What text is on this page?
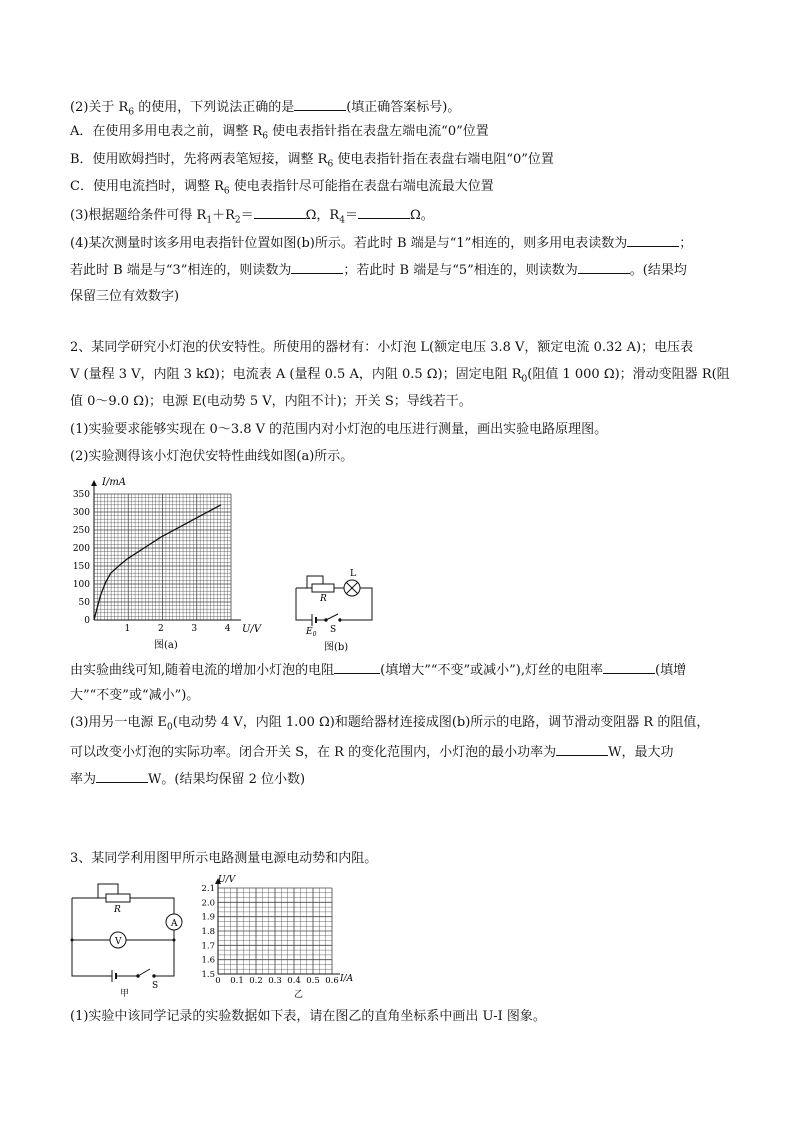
(2)关于 $R_6$ 的使用，下列说法正确的是	(填正确答案标号)。
A．在使用多用电表之前，调整 $R_6$ 使电表指针指在表盘左端电流“0”位置
B．使用欧姆挡时，先将两表笔短接，调整 $R_6$ 使电表指针指在表盘右端电阻“0”位置
C．使用电流挡时，调整 $R_6$ 使电表指针尽可能指在表盘右端电流最大位置
(3)根据题给条件可得 $R_1+R_2=$	Ω，$R_4=$	Ω。
(4)某次测量时该多用电表指针位置如图(b)所示。若此时 B 端是与“1”相连的，则多用电表读数为	；
若此时 B 端是与“3”相连的，则读数为	；若此时 B 端是与“5”相连的，则读数为	。(结果均
保留三位有效数字)
2、某同学研究小灯泡的伏安特性。所使用的器材有：小灯泡 L(额定电压 3.8 V，额定电流 0.32 A)；电压表
V (量程 3 V，内阻 3 kΩ)；电流表 A (量程 0.5 A，内阻 0.5 Ω)；固定电阻 $R_0$(阻值 1 000 Ω)；滑动变阻器 R(阻
值 0～9.0 Ω)；电源 E(电动势 5 V，内阻不计)；开关 S；导线若干。
(1)实验要求能够实现在 0～3.8 V 的范围内对小灯泡的电压进行测量，画出实验电路原理图。
(2)实验测得该小灯泡伏安特性曲线如图(a)所示。
0
50
100
150
200
250
300
350
1	2	3	4
I/mA
U/V
图(a)
R
L
$E_0$ S
图(b)
由实验曲线可知,随着电流的增加小灯泡的电阻	(填增大”“不变”或减小”),灯丝的电阻率	(填增
大”“不变”或“减小”)。
(3)用另一电源 $E_0$(电动势 4 V，内阻 1.00 Ω)和题给器材连接成图(b)所示的电路，调节滑动变阻器 R 的阻值，
可以改变小灯泡的实际功率。闭合开关 S，在 R 的变化范围内，小灯泡的最小功率为	W，最大功
率为	W。(结果均保留 2 位小数)
3、某同学利用图甲所示电路测量电源电动势和内阻。
R
A
V
S
甲
1.5
1.6
1.7
1.8
1.9
2.0
2.1
0 0.1 0.2 0.3 0.4 0.5 0.6
U/V
I/A
乙
(1)实验中该同学记录的实验数据如下表，请在图乙的直角坐标系中画出 U-I 图象。
